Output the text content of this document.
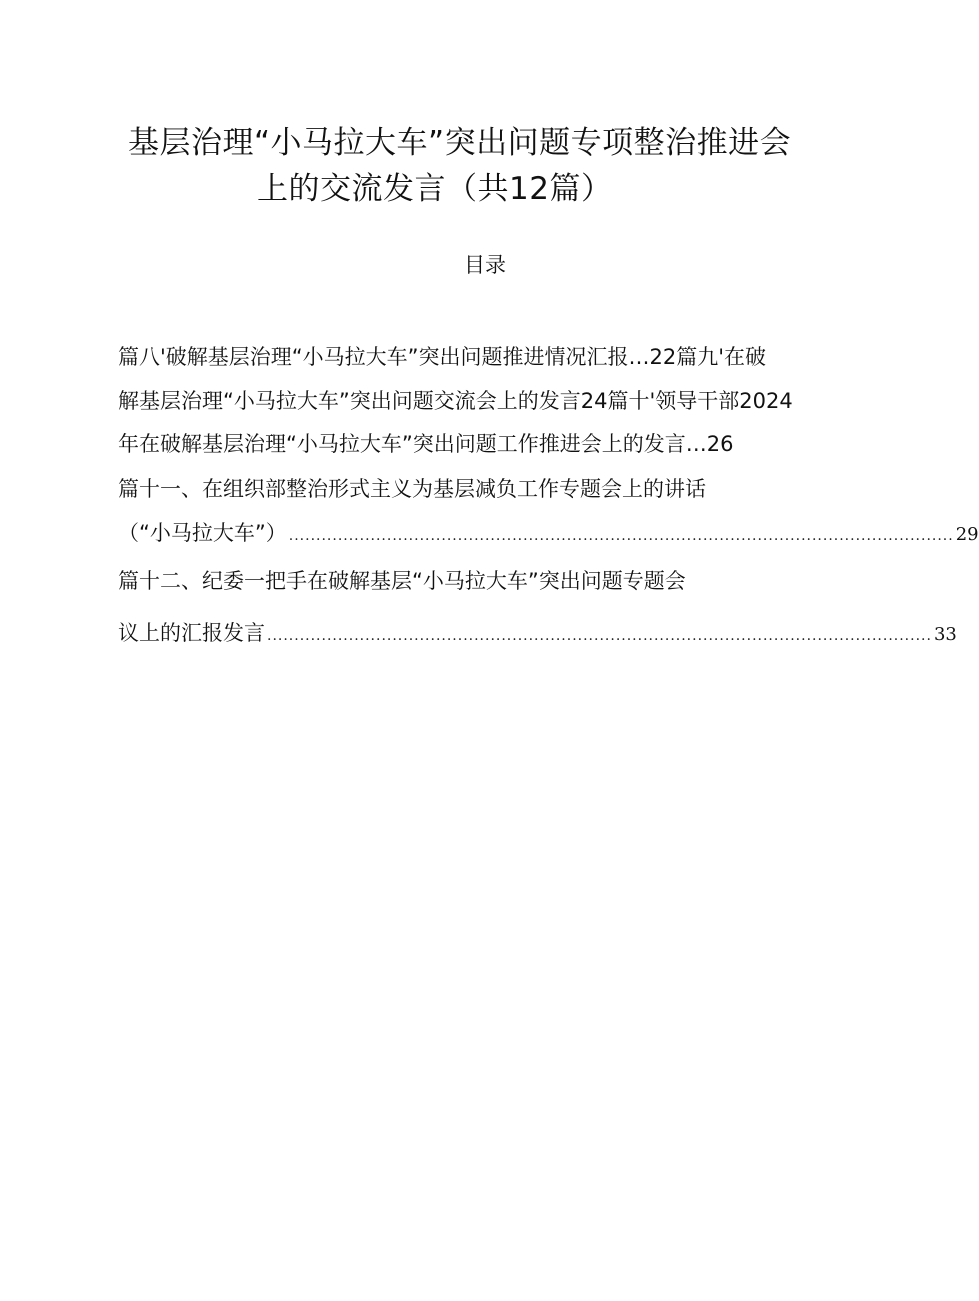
基层治理“小马拉大车”突出问题专项整治推进会
上的交流发言（共12篇）
目录
篇八'破解基层治理“小马拉大车”突出问题推进情况汇报…22篇九'在破
解基层治理“小马拉大车”突出问题交流会上的发言24篇十'领导干部2024
年在破解基层治理“小马拉大车”突出问题工作推进会上的发言…26
篇十一、在组织部整治形式主义为基层减负工作专题会上的讲话
（“小马拉大车”） .......................................................................................................................... 29
篇十二、纪委一把手在破解基层“小马拉大车”突出问题专题会
议上的汇报发言 .......................................................................................................................... 33
